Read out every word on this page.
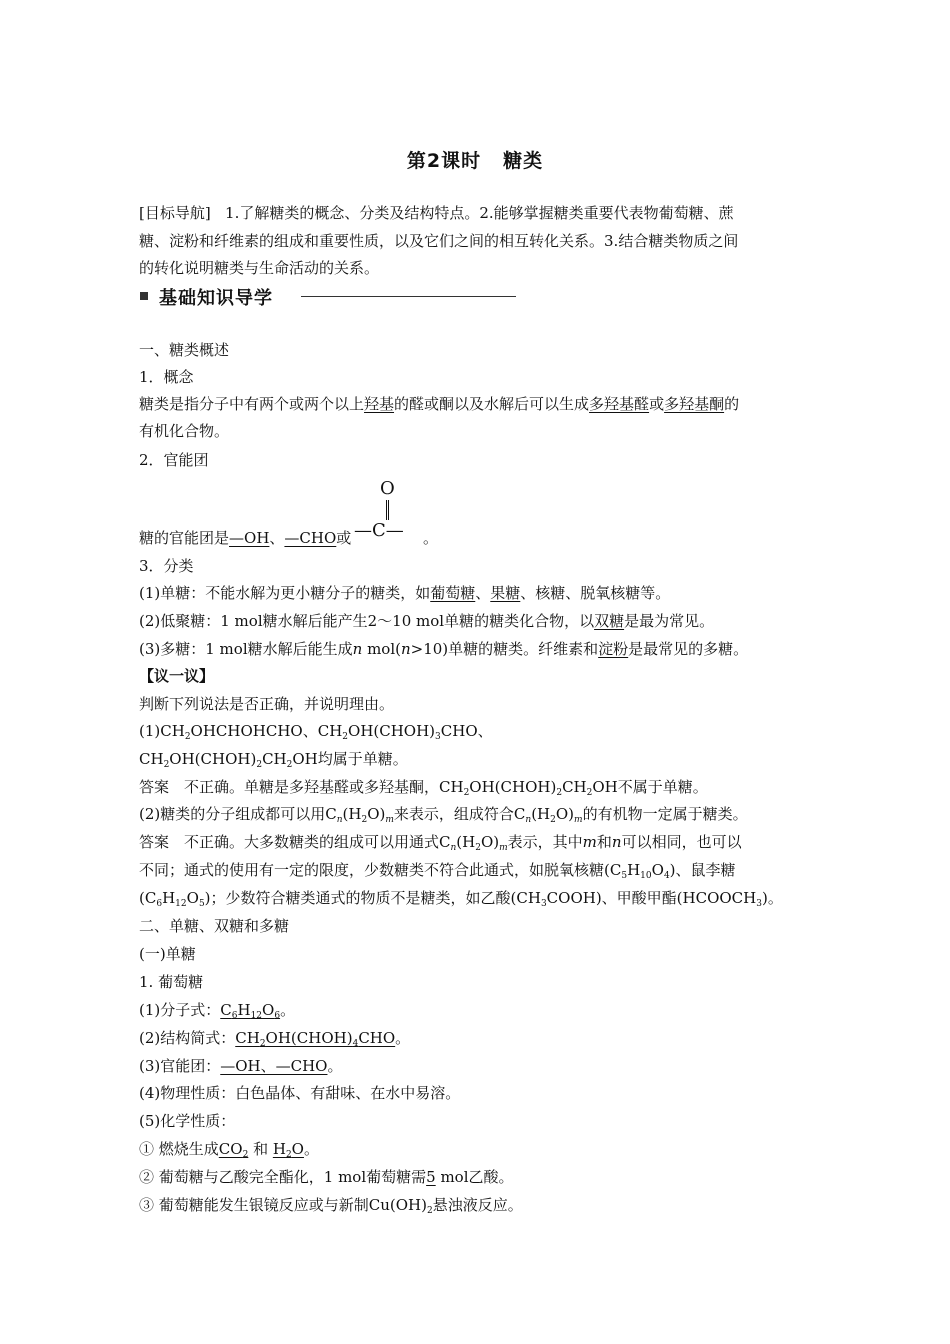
第2课时 糖类
[目标导航] 1.了解糖类的概念、分类及结构特点。2.能够掌握糖类重要代表物葡萄糖、蔗
糖、淀粉和纤维素的组成和重要性质，以及它们之间的相互转化关系。3.结合糖类物质之间
的转化说明糖类与生命活动的关系。
基础知识导学
一、糖类概述
1．概念
糖类是指分子中有两个或两个以上羟基的醛或酮以及水解后可以生成多羟基醛或多羟基酮的
有机化合物。
2．官能团
糖的官能团是—OH、—CHO或
O
—C— 。
3．分类
(1)单糖：不能水解为更小糖分子的糖类，如葡萄糖、果糖、核糖、脱氧核糖等。
(2)低聚糖：1 mol糖水解后能产生2～10 mol单糖的糖类化合物，以双糖是最为常见。
(3)多糖：1 mol糖水解后能生成n mol(n>10)单糖的糖类。纤维素和淀粉是最常见的多糖。
【议一议】
判断下列说法是否正确，并说明理由。
$(1)CH_2OHCHOHCHO$、$CH_2OH(CHOH)_3CHO$、
$CH_2OH(CHOH)_2CH_2OH$均属于单糖。
答案　不正确。单糖是多羟基醛或多羟基酮，$CH_2OH(CHOH)_2CH_2OH$不属于单糖。
(2)糖类的分子组成都可以用$C_n(H_2O)_m$来表示，组成符合$C_n(H_2O)_m$的有机物一定属于糖类。
答案　不正确。大多数糖类的组成可以用通式$C_n(H_2O)_m$表示，其中m和n可以相同，也可以
不同；通式的使用有一定的限度，少数糖类不符合此通式，如脱氧核糖$(C_5H_{10}O_4)$、鼠李糖
$(C_6H_{12}O_5)$；少数符合糖类通式的物质不是糖类，如乙酸$(CH_3COOH)$、甲酸甲酯$(HCOOCH_3)$。
二、单糖、双糖和多糖
(一)单糖
1. 葡萄糖
(1)分子式：$C_6H_{12}O_6$。
(2)结构简式：$CH_2OH(CHOH)_4CHO$。
(3)官能团：—OH、—CHO。
(4)物理性质：白色晶体、有甜味、在水中易溶。
(5)化学性质：
① 燃烧生成$CO_2$ 和 $H_2O$。
② 葡萄糖与乙酸完全酯化，1 mol葡萄糖需5 mol乙酸。
③ 葡萄糖能发生银镜反应或与新制$Cu(OH)_2$悬浊液反应。
